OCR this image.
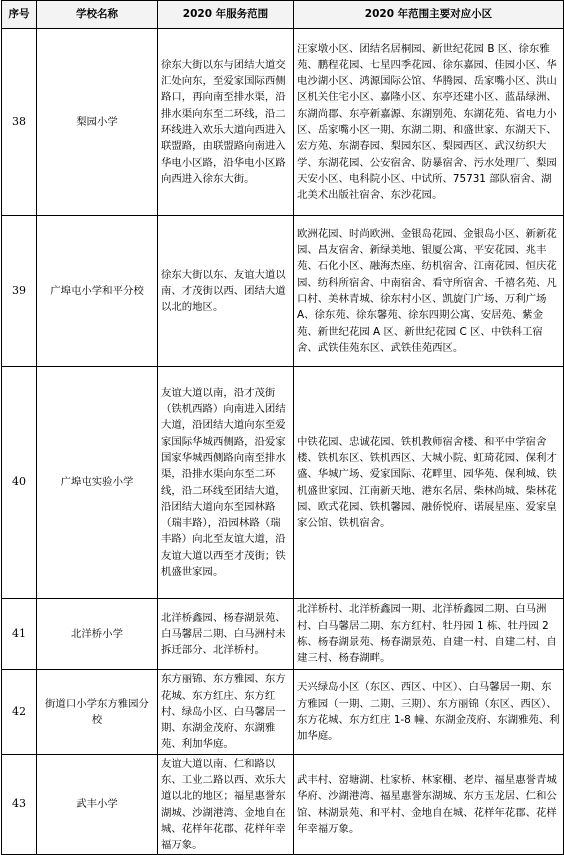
序号	学校名称	2020 年服务范围	2020 年范围主要对应小区
38	梨园小学	徐东大街以东与团结大道交汇处向东，至爱家国际西侧路口，再向南至排水渠，沿排水渠向东至二环线，沿二环线进入欢乐大道向西进入联盟路，由联盟路向南进入华电小区路，沿华电小区路向西进入徐东大街。	汪家墩小区、团结名居桐园、新世纪花园 B 区、徐东雅苑、鹏程花园、七星四季花园、徐东嘉园、佳园小区、华电沙湖小区、鸿源国际公馆、华腾园、岳家嘴小区、洪山区机关住宅小区、嘉隆小区、东亭还建小区、蓝晶绿洲、东湖尚郡、东亭新嘉源、东湖别苑、东湖花苑、省电力小区、岳家嘴小区一期、东湖二期、和盛世家、东湖天下、宏方苑、东湖春园、梨园东区、梨园西区、武汉纺织大学、东湖花园、公安宿舍、防暴宿舍、污水处理厂、梨园天安小区、电科院小区、中试所、75731 部队宿舍、湖北美术出版社宿舍、东沙花园。
39	广埠屯小学和平分校	徐东大街以东、友谊大道以南、才茂街以西、团结大道以北的地区。	欧洲花园、时尚欧洲、金银岛花园、金银岛小区、新新花园、昌友宿舍、新绿美地、银厦公寓、平安花园、兆丰苑、石化小区、融海杰座、纺机宿舍、江南花园、恒庆花园、纺科所宿舍、中南宿舍、看守所宿舍、千禧名苑、凡口村、美林青城、徐东村小区、凯旋门广场、万利广场 A、徐东苑、徐东馨苑、徐东四期公寓、安居苑、紫金苑、新世纪花园 A 区、新世纪花园 C 区、中铁科工宿舍、武铁佳苑东区、武铁佳苑西区。
40	广埠屯实验小学	友谊大道以南，沿才茂街（铁机西路）向南进入团结大道，沿团结大道向东至爱家国际华城西侧路，沿爱家国家华城西侧路向南至排水渠，沿排水渠向东至二环线，沿二环线至团结大道，沿团结大道向东至园林路（瑞丰路），沿园林路（瑞丰路）向北至友谊大道，沿友谊大道以西至才茂街；铁机盛世家园。	中铁花园、忠诚花园、铁机教师宿舍楼、和平中学宿舍楼、铁机东区、铁机西区、大城小院、虹琦花园、保利才盛、华城广场、爱家国际、花畔里、园华苑、保利城、铁机盛世家园、江南新天地、港东名居、柴林尚城、柴林花园、欧式花园、铁机馨园、融侨悦府、诺展星座、爱家皇家公馆、铁机宿舍。
41	北洋桥小学	北洋桥鑫园、杨春湖景苑、白马馨居二期、白马洲村未拆迁部分、北洋桥村。	北洋桥村、北洋桥鑫园一期、北洋桥鑫园二期、白马洲村、白马馨居二期、东方红村、牡丹园 1 栋、牡丹园 2 栋、杨春湖景苑、杨春湖景苑、自建一村、自建二村、自建三村、杨春湖畔。
42	街道口小学东方雅园分校	东方丽锦、东方雅园、东方花城、东方红庄、东方红村、绿岛小区、白马馨居一期、东湖金茂府、东湖雅苑、利加华庭。	天兴绿岛小区（东区、西区、中区）、白马馨居一期、东方雅园（一期、二期、三期）、东方丽锦（东区、西区）、东方花城、东方红庄 1-8 幢、东湖金茂府、东湖雅苑、利加华庭。
43	武丰小学	友谊大道以南、仁和路以东、工业二路以西、欢乐大道以北的地区；福星惠誉东湖城、沙湖港湾、金地自在城、花样年花郡、花样年幸福万象。	武丰村、窑塘湖、杜家桥、林家棚、老岸、福星惠誉青城华府、沙湖港湾、福星惠誉东湖城、东方玉龙居、仁和公馆、林湖景苑、和平村、金地自在城、花样年花郡、花样年幸福万象。
